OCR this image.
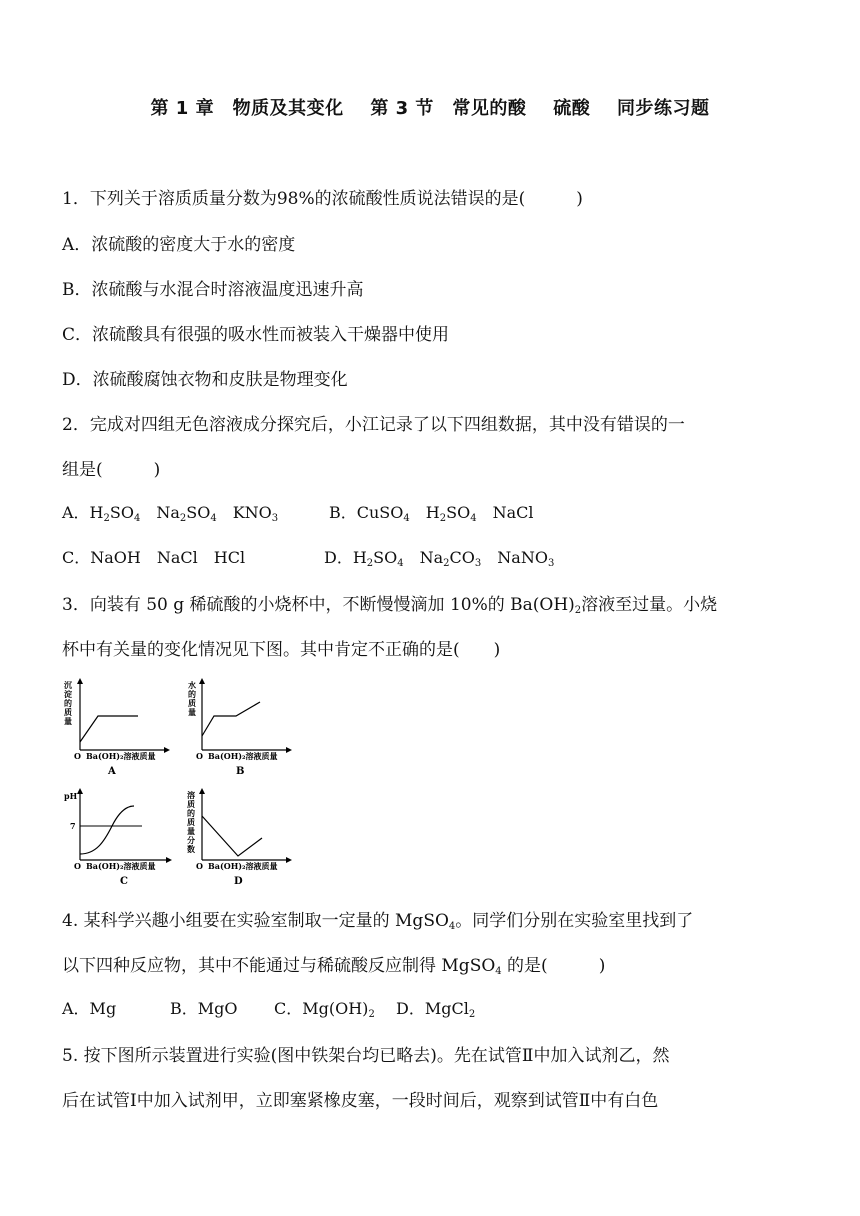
第 1 章　物质及其变化 第 3 节　常见的酸 硫酸 同步练习题
1．下列关于溶质质量分数为98%的浓硫酸性质说法错误的是(　　　)
A．浓硫酸的密度大于水的密度
B．浓硫酸与水混合时溶液温度迅速升高
C．浓硫酸具有很强的吸水性而被装入干燥器中使用
D．浓硫酸腐蚀衣物和皮肤是物理变化
2．完成对四组无色溶液成分探究后，小江记录了以下四组数据，其中没有错误的一
组是(　　　)
A．$H_2SO_4$　$Na_2SO_4$　$KNO_3$	B．CuSO$_4$　$H_2SO_4$　NaCl
C．NaOH　NaCl　HCl	D．$H_2SO_4$　$Na_2CO_3$　NaNO$_3$
3．向装有 50 g 稀硫酸的小烧杯中，不断慢慢滴加 10%的 $Ba(OH)_2$溶液至过量。小烧
杯中有关量的变化情况见下图。其中肯定不正确的是(　　)
沉淀的质量
O Ba(OH)₂溶液质量
A
水的质量
O Ba(OH)₂溶液质量
B
pH
7
O Ba(OH)₂溶液质量
C
溶质的质量分数
O Ba(OH)₂溶液质量
D
4. 某科学兴趣小组要在实验室制取一定量的 MgSO$_4$。同学们分别在实验室里找到了
以下四种反应物，其中不能通过与稀硫酸反应制得 MgSO$_4$ 的是(　　　)
A．Mg	B．MgO C．$Mg(OH)_2$ D．MgCl$_2$
5. 按下图所示装置进行实验(图中铁架台均已略去)。先在试管Ⅱ中加入试剂乙，然
后在试管Ⅰ中加入试剂甲，立即塞紧橡皮塞，一段时间后，观察到试管Ⅱ中有白色
